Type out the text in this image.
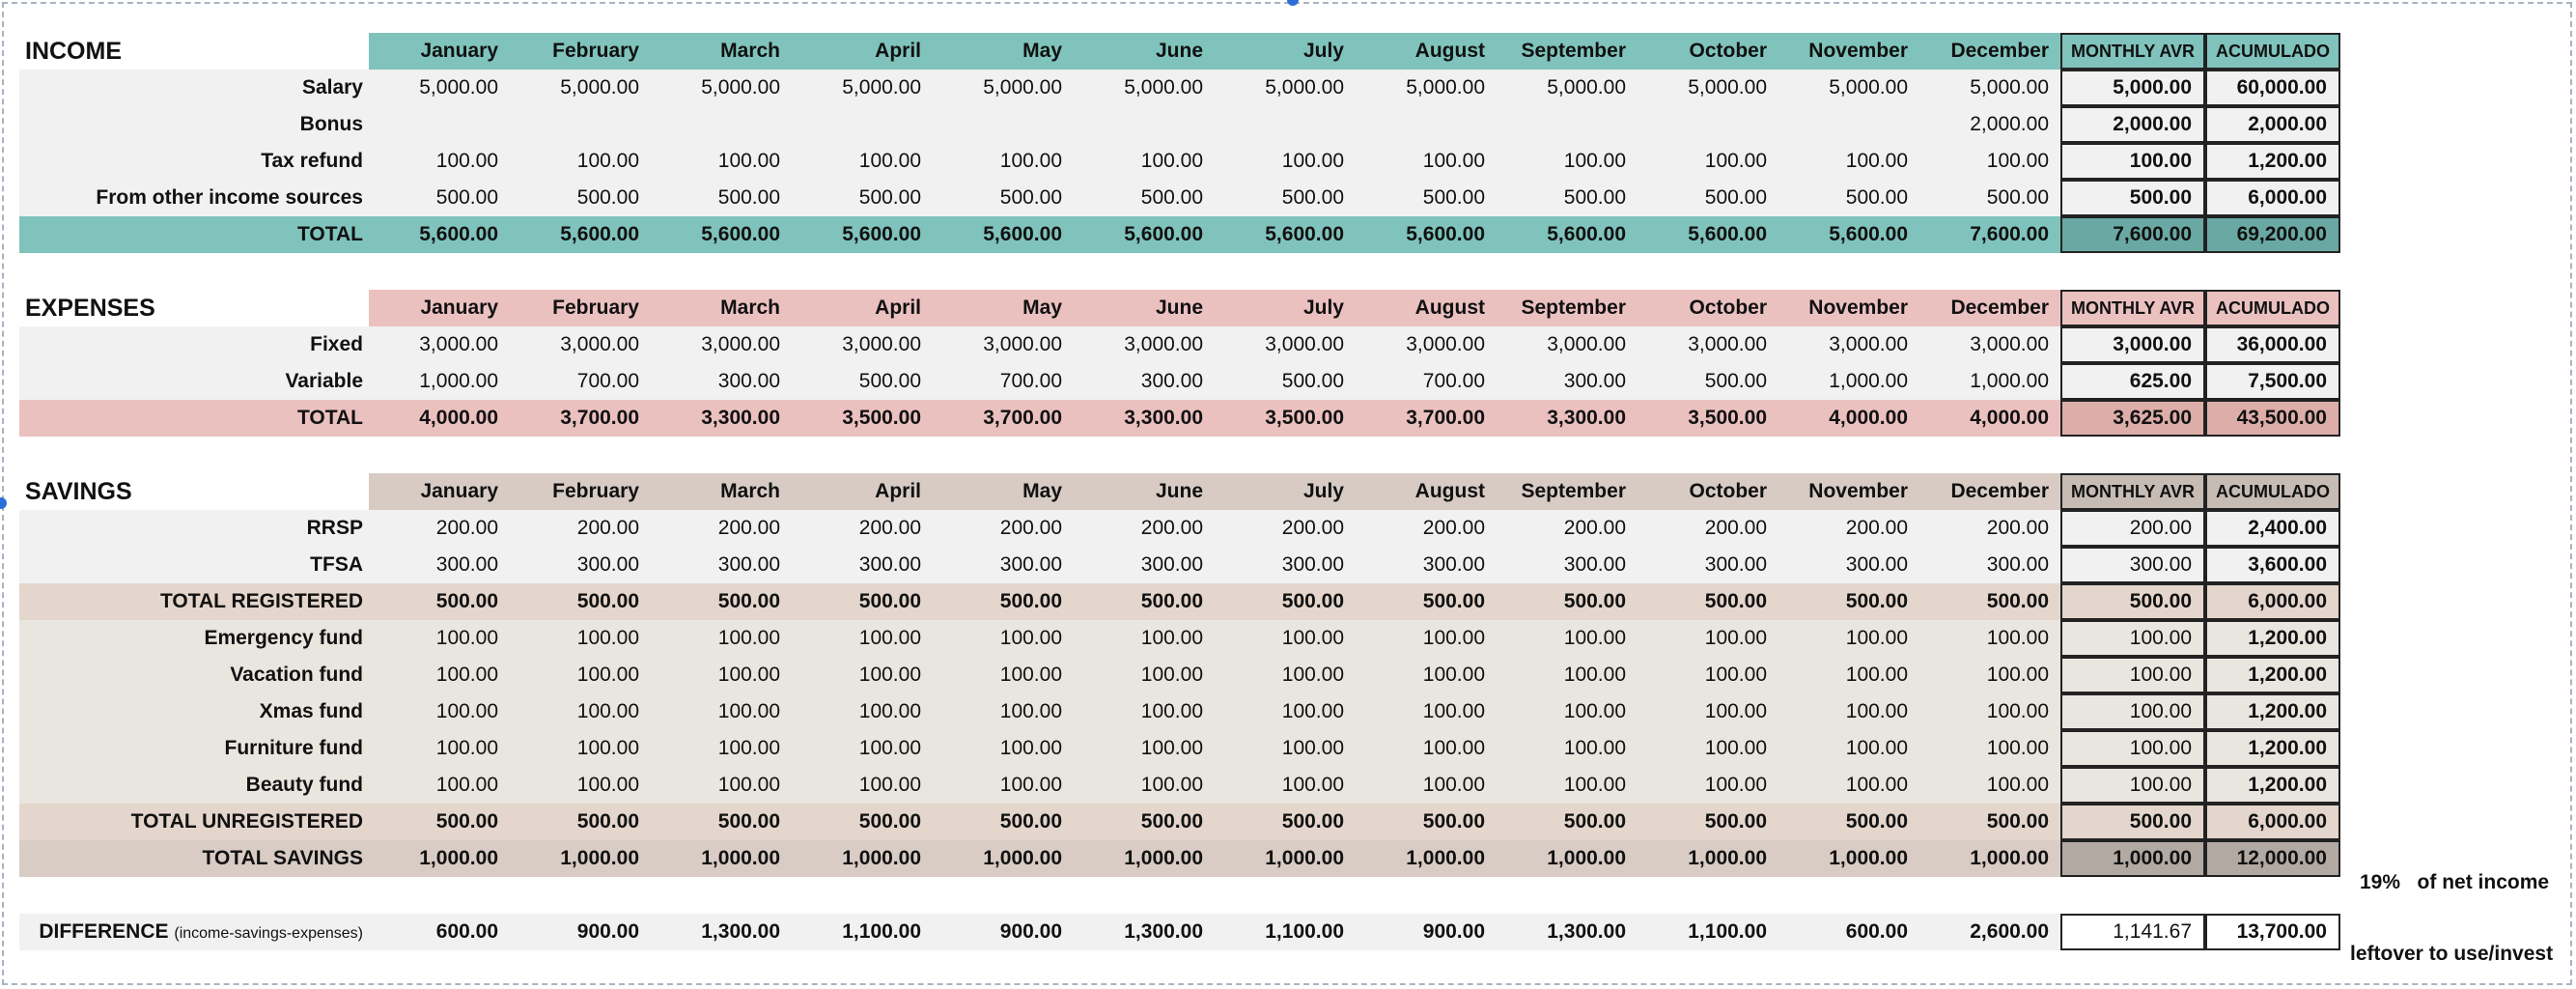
INCOME	January	February	March	April	May	June	July	August	September	October	November	December	MONTHLY AVR	ACUMULADO
Salary	5,000.00	5,000.00	5,000.00	5,000.00	5,000.00	5,000.00	5,000.00	5,000.00	5,000.00	5,000.00	5,000.00	5,000.00	5,000.00	60,000.00
Bonus												2,000.00	2,000.00	2,000.00
Tax refund	100.00	100.00	100.00	100.00	100.00	100.00	100.00	100.00	100.00	100.00	100.00	100.00	100.00	1,200.00
From other income sources	500.00	500.00	500.00	500.00	500.00	500.00	500.00	500.00	500.00	500.00	500.00	500.00	500.00	6,000.00
TOTAL	5,600.00	5,600.00	5,600.00	5,600.00	5,600.00	5,600.00	5,600.00	5,600.00	5,600.00	5,600.00	5,600.00	7,600.00	7,600.00	69,200.00

EXPENSES	January	February	March	April	May	June	July	August	September	October	November	December	MONTHLY AVR	ACUMULADO
Fixed	3,000.00	3,000.00	3,000.00	3,000.00	3,000.00	3,000.00	3,000.00	3,000.00	3,000.00	3,000.00	3,000.00	3,000.00	3,000.00	36,000.00
Variable	1,000.00	700.00	300.00	500.00	700.00	300.00	500.00	700.00	300.00	500.00	1,000.00	1,000.00	625.00	7,500.00
TOTAL	4,000.00	3,700.00	3,300.00	3,500.00	3,700.00	3,300.00	3,500.00	3,700.00	3,300.00	3,500.00	4,000.00	4,000.00	3,625.00	43,500.00

SAVINGS	January	February	March	April	May	June	July	August	September	October	November	December	MONTHLY AVR	ACUMULADO
RRSP	200.00	200.00	200.00	200.00	200.00	200.00	200.00	200.00	200.00	200.00	200.00	200.00	200.00	2,400.00
TFSA	300.00	300.00	300.00	300.00	300.00	300.00	300.00	300.00	300.00	300.00	300.00	300.00	300.00	3,600.00
TOTAL REGISTERED	500.00	500.00	500.00	500.00	500.00	500.00	500.00	500.00	500.00	500.00	500.00	500.00	500.00	6,000.00
Emergency fund	100.00	100.00	100.00	100.00	100.00	100.00	100.00	100.00	100.00	100.00	100.00	100.00	100.00	1,200.00
Vacation fund	100.00	100.00	100.00	100.00	100.00	100.00	100.00	100.00	100.00	100.00	100.00	100.00	100.00	1,200.00
Xmas fund	100.00	100.00	100.00	100.00	100.00	100.00	100.00	100.00	100.00	100.00	100.00	100.00	100.00	1,200.00
Furniture fund	100.00	100.00	100.00	100.00	100.00	100.00	100.00	100.00	100.00	100.00	100.00	100.00	100.00	1,200.00
Beauty fund	100.00	100.00	100.00	100.00	100.00	100.00	100.00	100.00	100.00	100.00	100.00	100.00	100.00	1,200.00
TOTAL UNREGISTERED	500.00	500.00	500.00	500.00	500.00	500.00	500.00	500.00	500.00	500.00	500.00	500.00	500.00	6,000.00
TOTAL SAVINGS	1,000.00	1,000.00	1,000.00	1,000.00	1,000.00	1,000.00	1,000.00	1,000.00	1,000.00	1,000.00	1,000.00	1,000.00	1,000.00	12,000.00

DIFFERENCE (income-savings-expenses)	600.00	900.00	1,300.00	1,100.00	900.00	1,300.00	1,100.00	900.00	1,300.00	1,100.00	600.00	2,600.00	1,141.67	13,700.00
19% of net income
leftover to use/invest
